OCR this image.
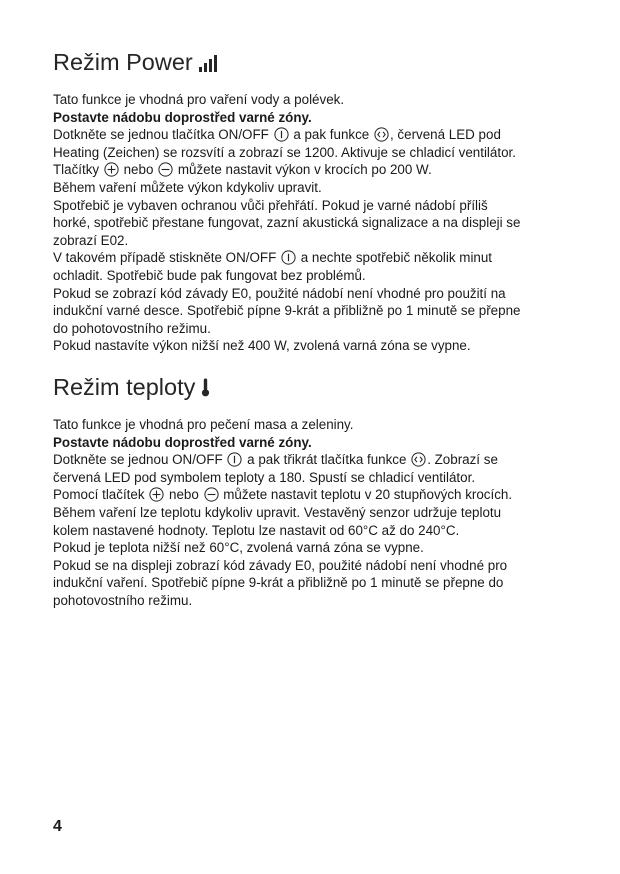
Režim Power

Tato funkce je vhodná pro vaření vody a polévek.

Postavte nádobu doprostřed varné zóny.

Dotkněte se jednou tlačítka ON/OFF a pak funkce , červená LED pod

Heating (Zeichen) se rozsvítí a zobrazí se 1200. Aktivuje se chladicí ventilátor.

Tlačítky nebo můžete nastavit výkon v krocích po 200 W.

Během vaření můžete výkon kdykoliv upravit.

Spotřebič je vybaven ochranou vůči přehřátí. Pokud je varné nádobí příliš

horké, spotřebič přestane fungovat, zazní akustická signalizace a na displeji se

zobrazí E02.

V takovém případě stiskněte ON/OFF a nechte spotřebič několik minut

ochladit. Spotřebič bude pak fungovat bez problémů.

Pokud se zobrazí kód závady E0, použité nádobí není vhodné pro použití na

indukční varné desce. Spotřebič pípne 9-krát a přibližně po 1 minutě se přepne

do pohotovostního režimu.

Pokud nastavíte výkon nižší než 400 W, zvolená varná zóna se vypne.

Režim teploty

Tato funkce je vhodná pro pečení masa a zeleniny.

Postavte nádobu doprostřed varné zóny.

Dotkněte se jednou ON/OFF a pak třikrát tlačítka funkce . Zobrazí se

červená LED pod symbolem teploty a 180. Spustí se chladicí ventilátor.

Pomocí tlačítek nebo můžete nastavit teplotu v 20 stupňových krocích.

Během vaření lze teplotu kdykoliv upravit. Vestavěný senzor udržuje teplotu

kolem nastavené hodnoty. Teplotu lze nastavit od 60°C až do 240°C.

Pokud je teplota nižší než 60°C, zvolená varná zóna se vypne.

Pokud se na displeji zobrazí kód závady E0, použité nádobí není vhodné pro

indukční vaření. Spotřebič pípne 9-krát a přibližně po 1 minutě se přepne do

pohotovostního režimu.

4
